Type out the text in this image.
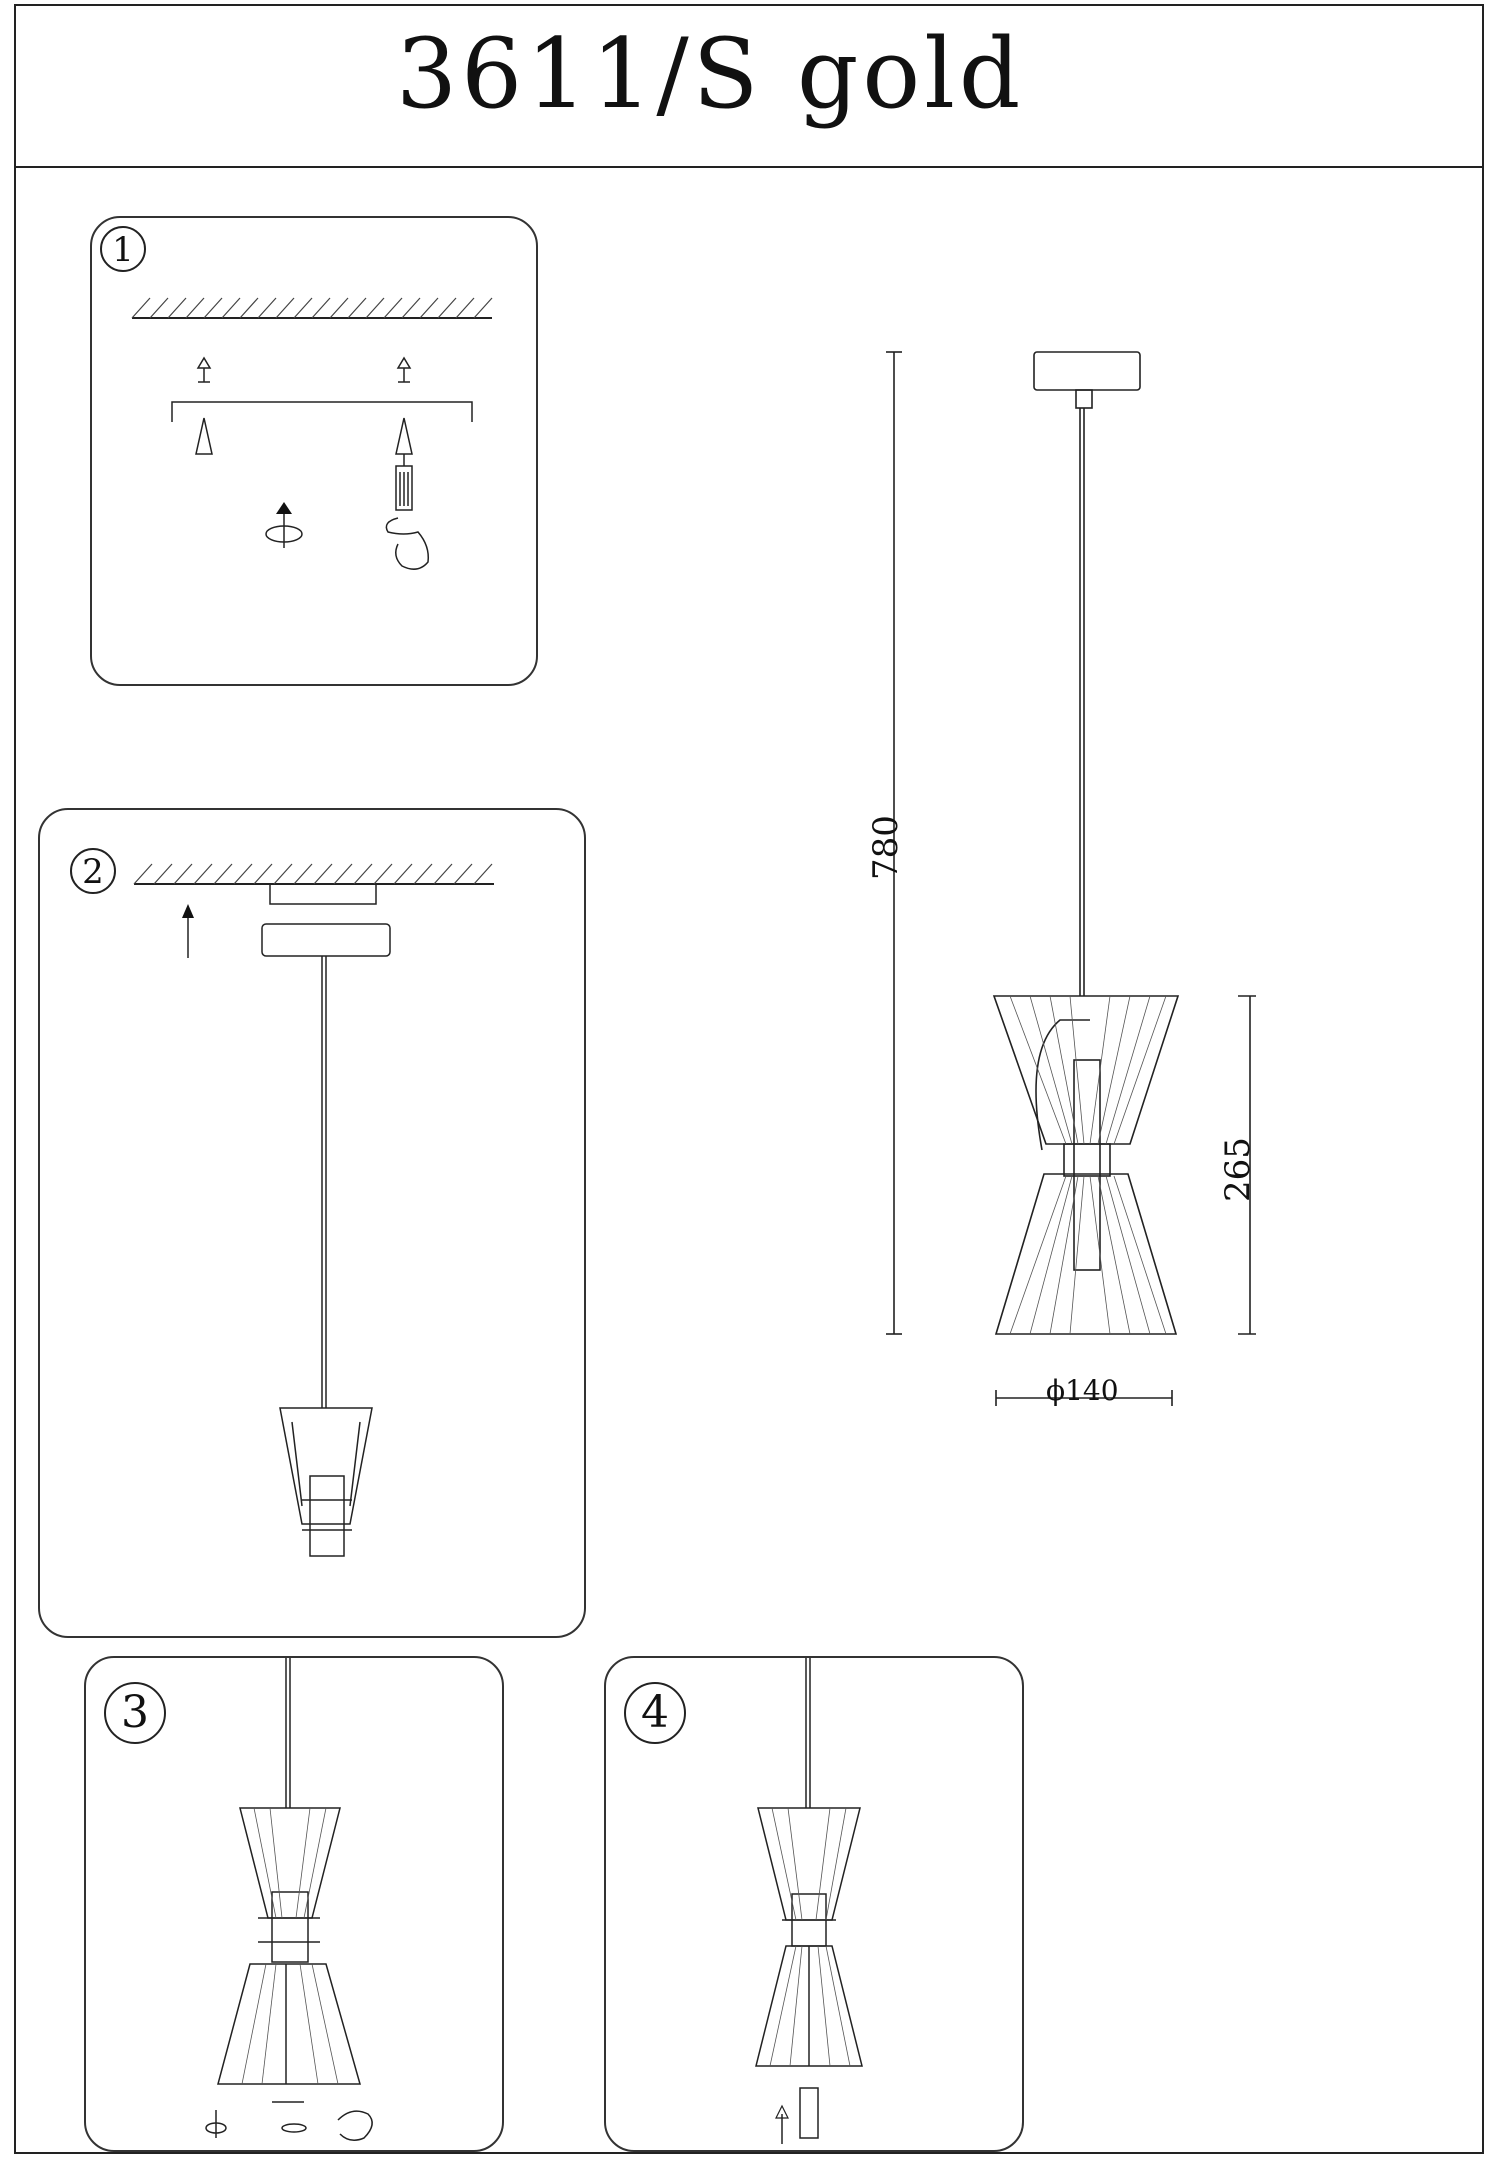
3611/S gold
1
2	780
265
ϕ140
3	4
